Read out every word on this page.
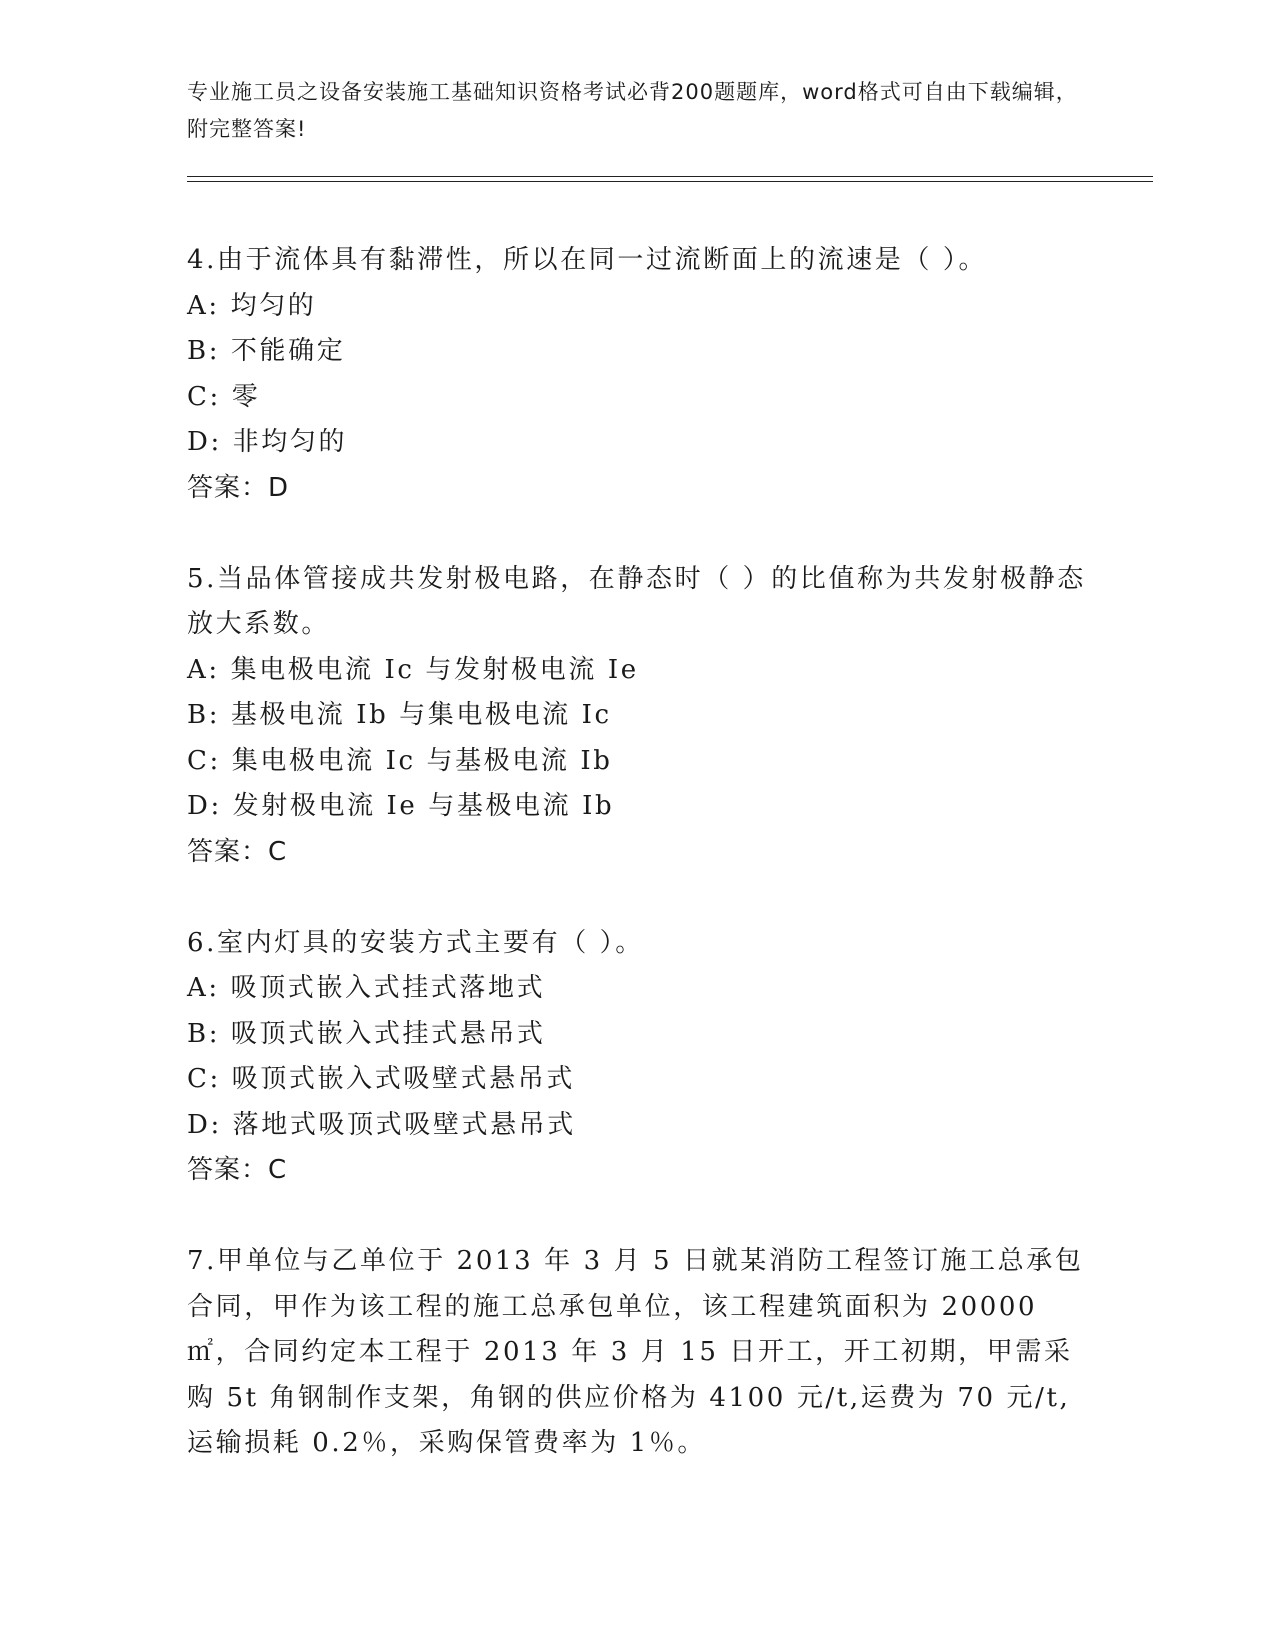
专业施工员之设备安装施工基础知识资格考试必背200题题库，word格式可自由下载编辑，附完整答案!
4.由于流体具有黏滞性，所以在同一过流断面上的流速是（ ）。
A: 均匀的
B: 不能确定
C: 零
D: 非均匀的
答案：D
5.当品体管接成共发射极电路，在静态时（ ）的比值称为共发射极静态放大系数。
A: 集电极电流 Ic 与发射极电流 Ie
B: 基极电流 Ib 与集电极电流 Ic
C: 集电极电流 Ic 与基极电流 Ib
D: 发射极电流 Ie 与基极电流 Ib
答案：C
6.室内灯具的安装方式主要有（ ）。
A: 吸顶式嵌入式挂式落地式
B: 吸顶式嵌入式挂式悬吊式
C: 吸顶式嵌入式吸壁式悬吊式
D: 落地式吸顶式吸壁式悬吊式
答案：C
7.甲单位与乙单位于 2013 年 3 月 5 日就某消防工程签订施工总承包合同，甲作为该工程的施工总承包单位，该工程建筑面积为 20000㎡，合同约定本工程于 2013 年 3 月 15 日开工，开工初期，甲需采购 5t 角钢制作支架，角钢的供应价格为 4100 元/t,运费为 70 元/t,运输损耗 0.2％，采购保管费率为 1％。
